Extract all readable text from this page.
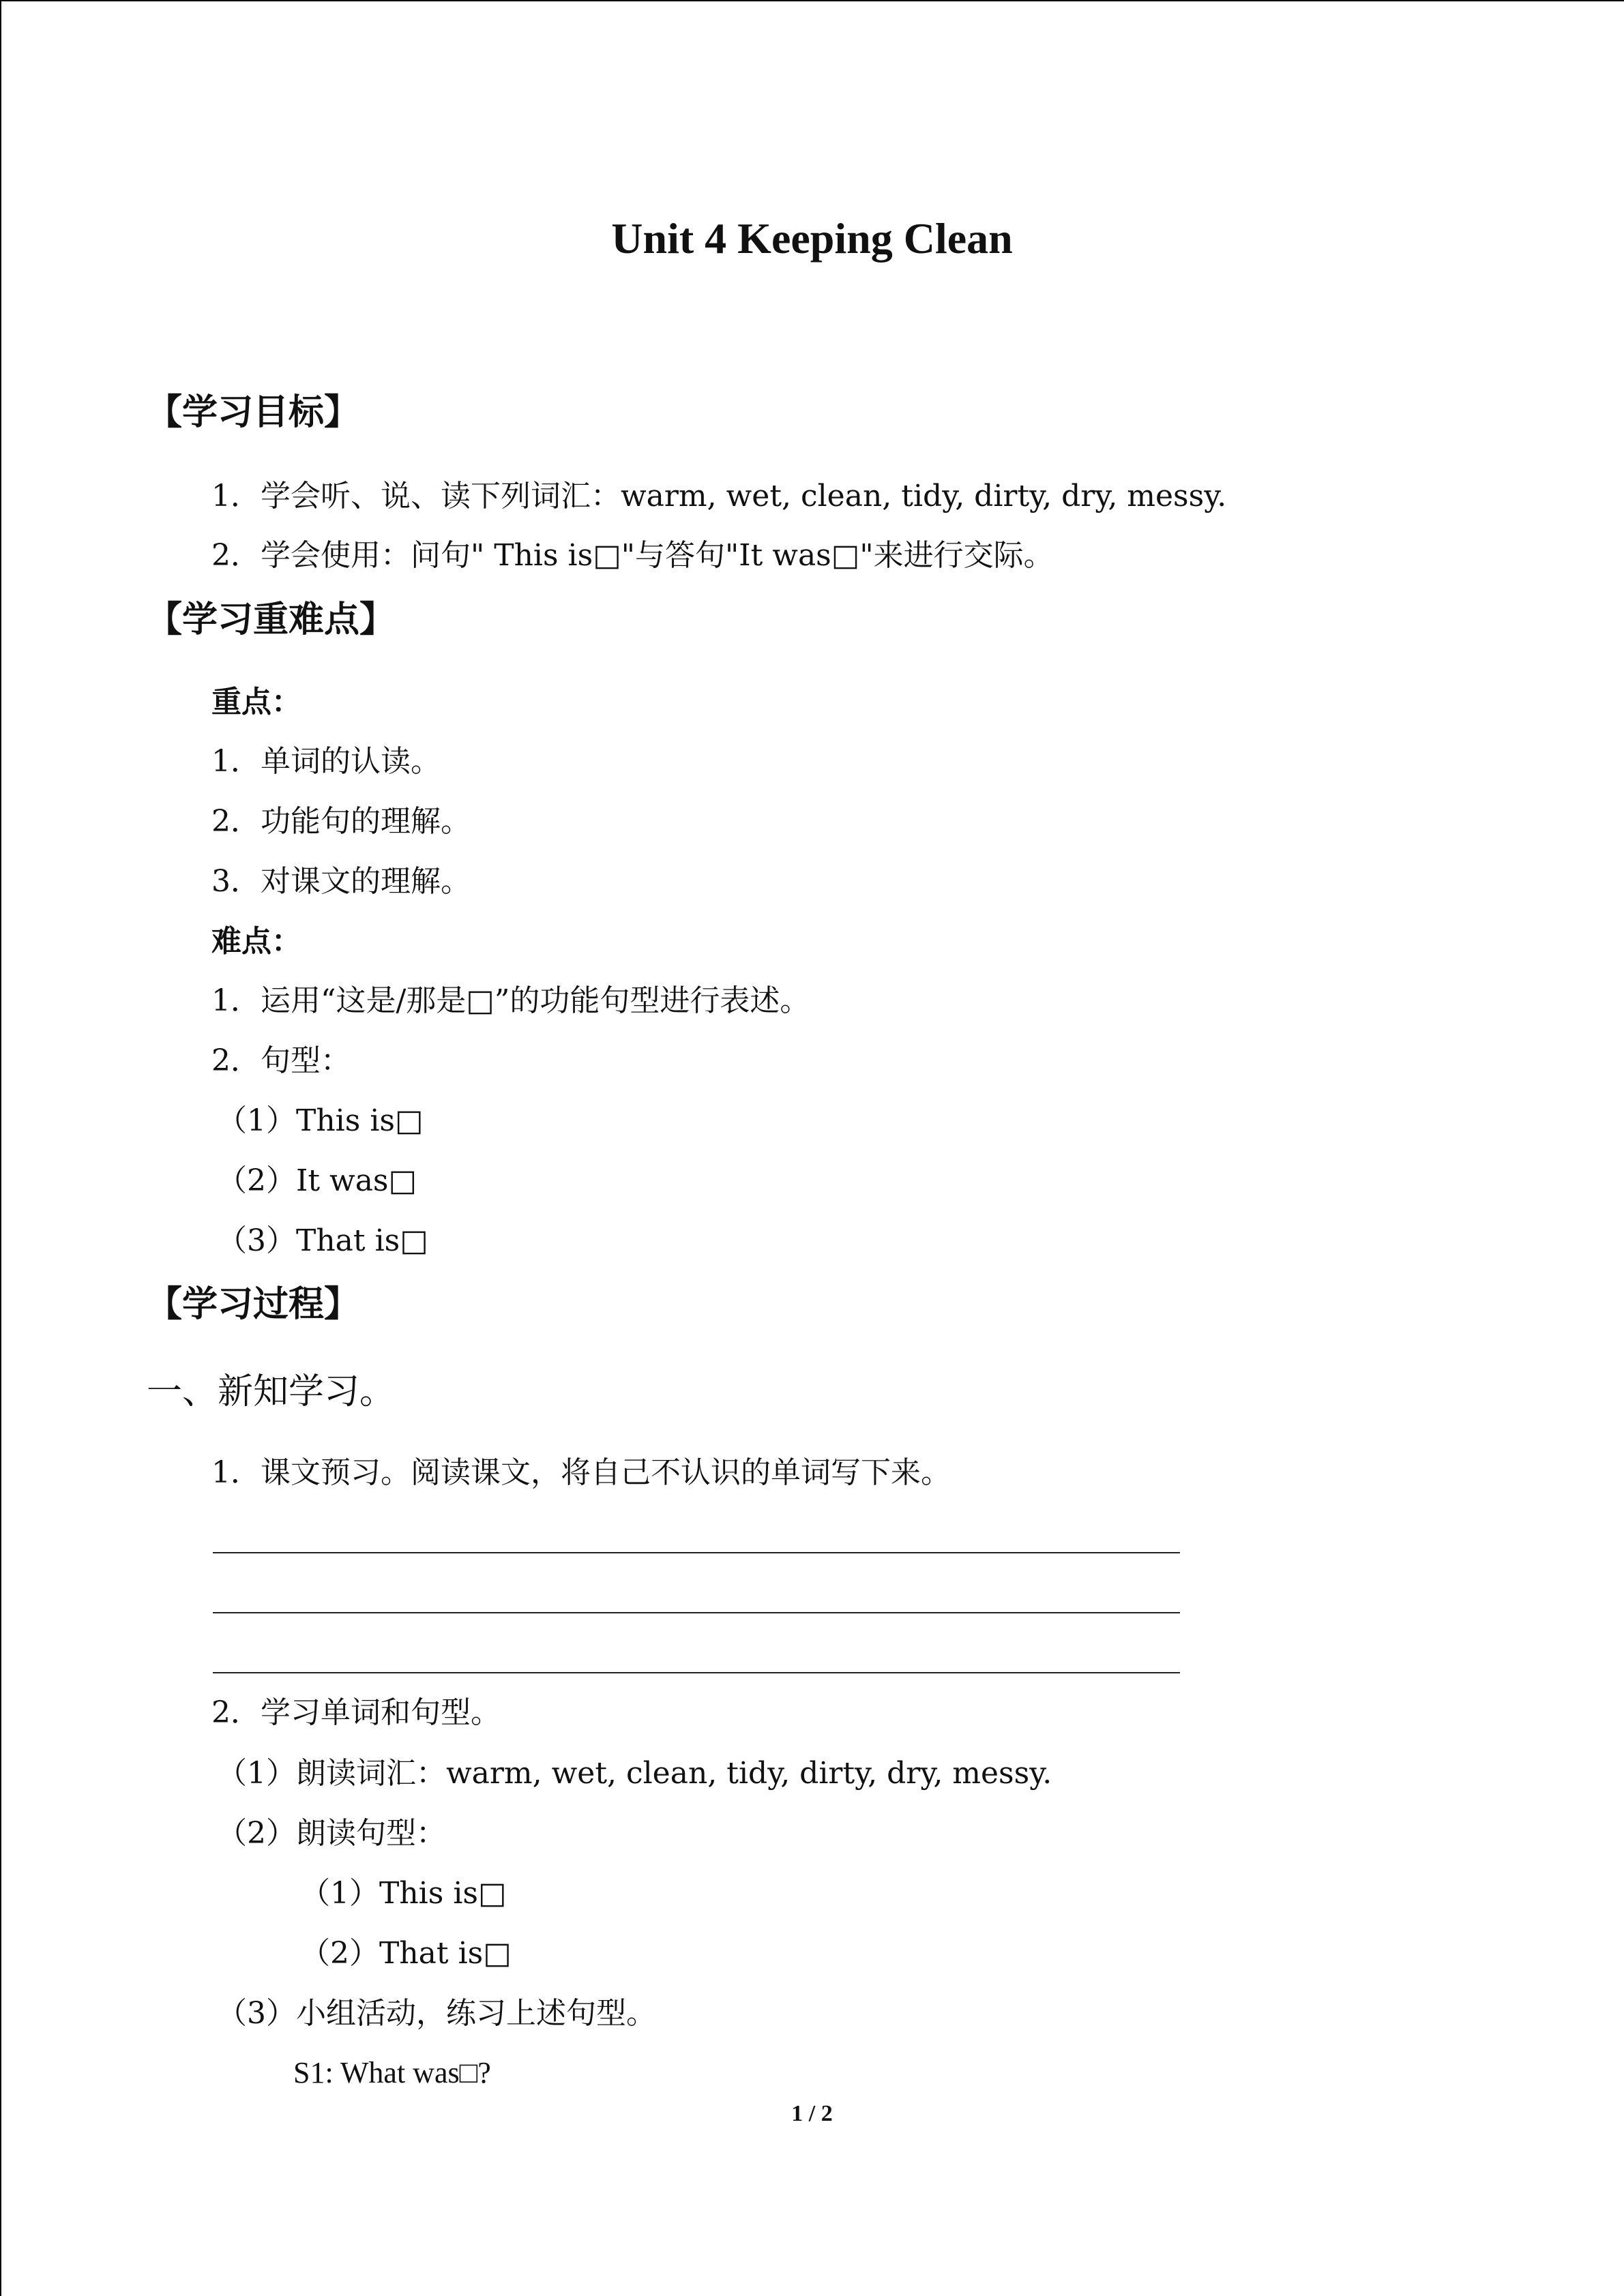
Unit 4 Keeping Clean
【学习目标】
1．学会听、说、读下列词汇：warm, wet, clean, tidy, dirty, dry, messy.
2．学会使用：问句" This is□"与答句"It was□"来进行交际。
【学习重难点】
重点：
1．单词的认读。
2．功能句的理解。
3．对课文的理解。
难点：
1．运用“这是/那是□”的功能句型进行表述。
2．句型：
（1）This is□
（2）It was□
（3）That is□
【学习过程】
一、新知学习。
1．课文预习。阅读课文，将自己不认识的单词写下来。
2．学习单词和句型。
（1）朗读词汇：warm, wet, clean, tidy, dirty, dry, messy.
（2）朗读句型：
（1）This is□
（2）That is□
（3）小组活动，练习上述句型。
S1: What was□?
1 / 2
